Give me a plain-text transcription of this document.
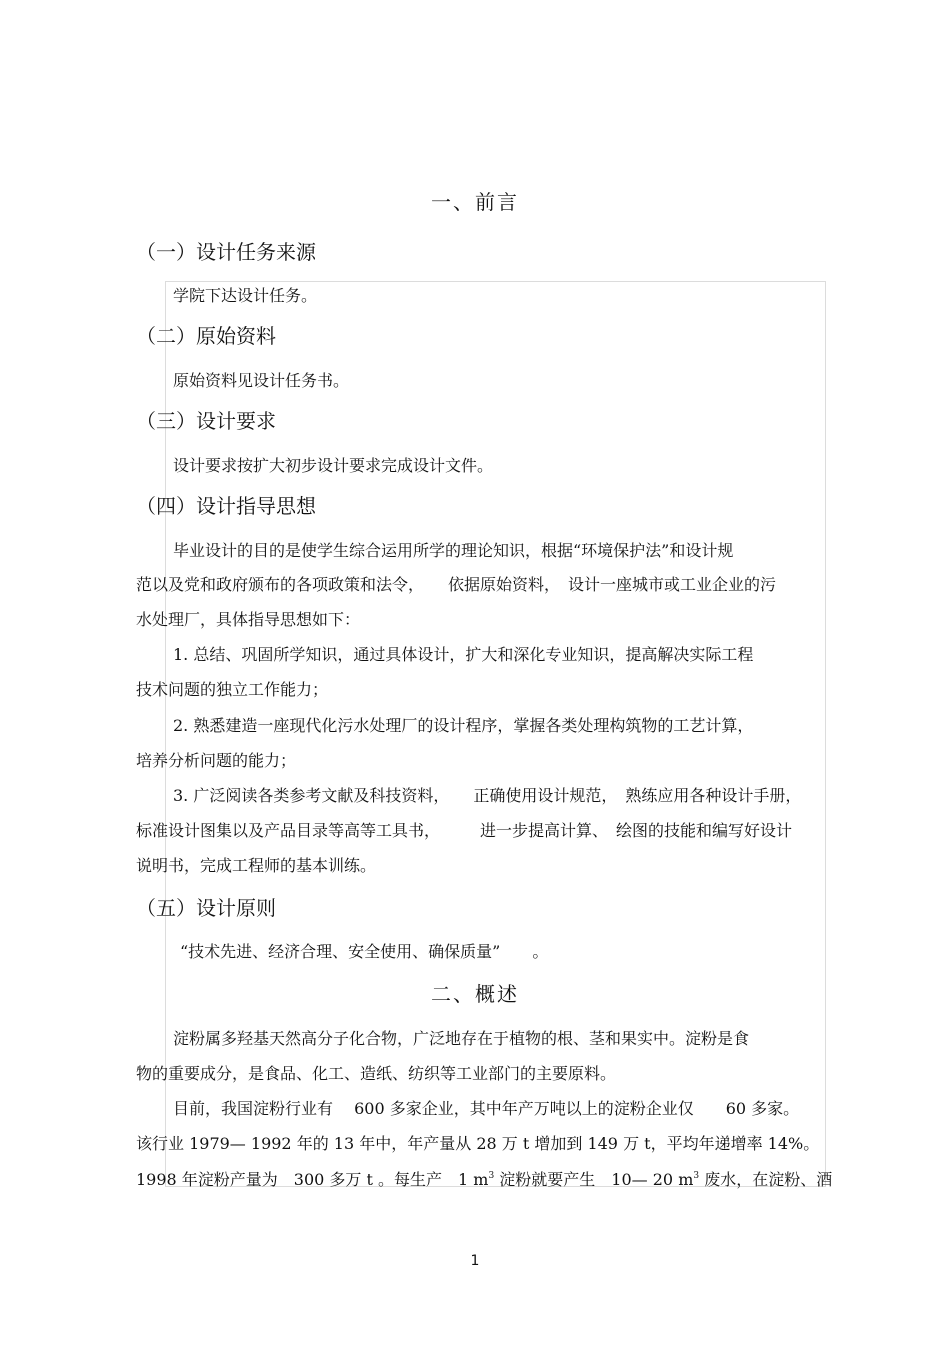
一、前言
（一）设计任务来源
学院下达设计任务。
（二）原始资料
原始资料见设计任务书。
（三）设计要求
设计要求按扩大初步设计要求完成设计文件。
（四）设计指导思想
毕业设计的目的是使学生综合运用所学的理论知识，根据“环境保护法”和设计规
范以及党和政府颁布的各项政策和法令，　　依据原始资料，　设计一座城市或工业企业的污
水处理厂，具体指导思想如下：
1. 总结、巩固所学知识，通过具体设计，扩大和深化专业知识，提高解决实际工程
技术问题的独立工作能力；
2. 熟悉建造一座现代化污水处理厂的设计程序，掌握各类处理构筑物的工艺计算，
培养分析问题的能力；
3. 广泛阅读各类参考文献及科技资料，　　正确使用设计规范，　熟练应用各种设计手册，
标准设计图集以及产品目录等高等工具书，　　　进一步提高计算、　绘图的技能和编写好设计
说明书，完成工程师的基本训练。
（五）设计原则
“技术先进、经济合理、安全使用、确保质量”　　。
二、概述
淀粉属多羟基天然高分子化合物，广泛地存在于植物的根、茎和果实中。淀粉是食
物的重要成分，是食品、化工、造纸、纺织等工业部门的主要原料。
目前，我国淀粉行业有　 600 多家企业，其中年产万吨以上的淀粉企业仅　　60 多家。
该行业 1979— 1992 年的 13 年中，年产量从 28 万 t 增加到 149 万 t，平均年递增率 14%。
1998 年淀粉产量为　300 多万 t 。每生产　1 $m^3$ 淀粉就要产生　10— 20 $m^3$ 废水，在淀粉、酒
1
